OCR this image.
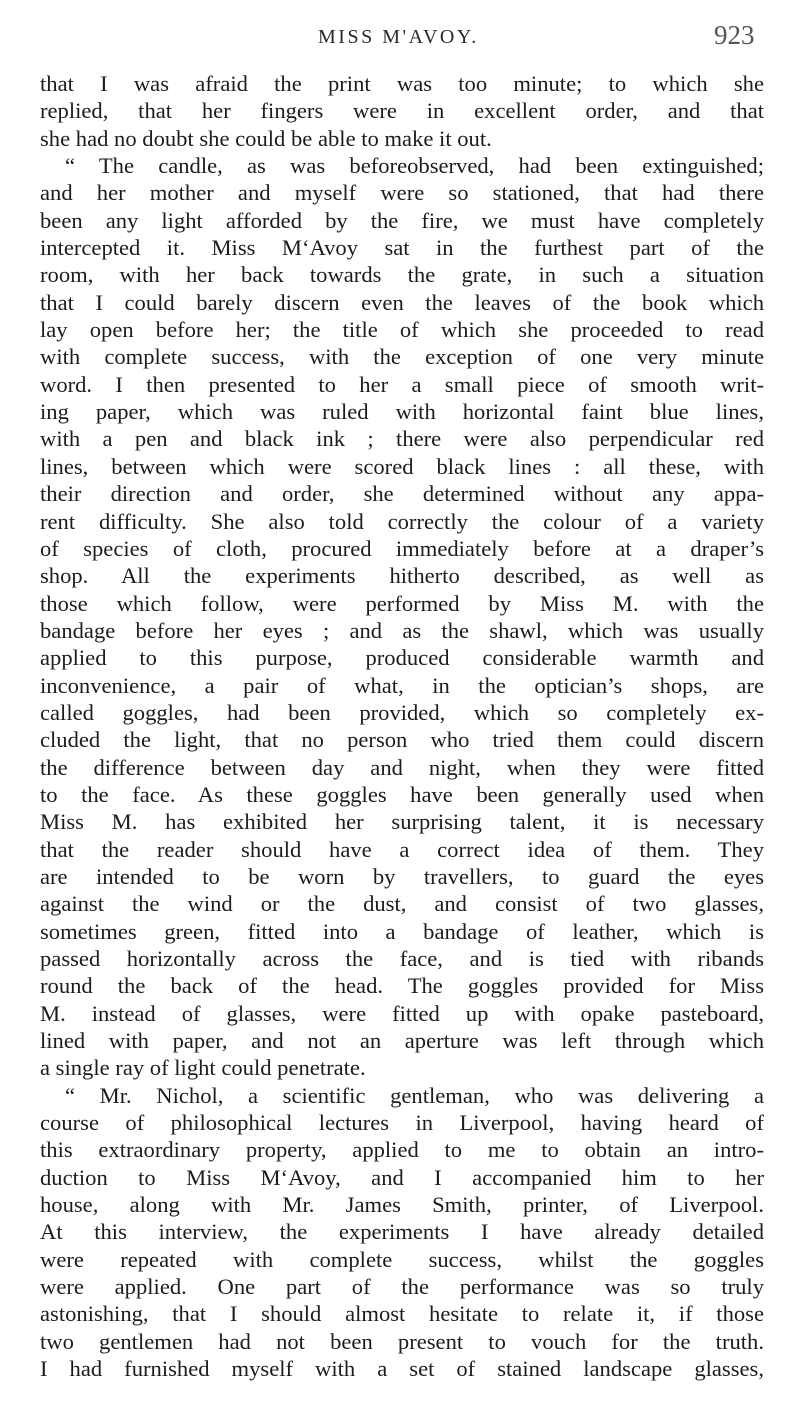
MISS M'AVOY.	923
that I was afraid the print was too minute; to which she
replied, that her fingers were in excellent order, and that
she had no doubt she could be able to make it out.
“ The candle, as was beforeobserved, had been extinguished;
and her mother and myself were so stationed, that had there
been any light afforded by the fire, we must have completely
intercepted it. Miss M‘Avoy sat in the furthest part of the
room, with her back towards the grate, in such a situation
that I could barely discern even the leaves of the book which
lay open before her; the title of which she proceeded to read
with complete success, with the exception of one very minute
word. I then presented to her a small piece of smooth writ-
ing paper, which was ruled with horizontal faint blue lines,
with a pen and black ink ; there were also perpendicular red
lines, between which were scored black lines : all these, with
their direction and order, she determined without any appa-
rent difficulty. She also told correctly the colour of a variety
of species of cloth, procured immediately before at a draper’s
shop. All the experiments hitherto described, as well as
those which follow, were performed by Miss M. with the
bandage before her eyes ; and as the shawl, which was usually
applied to this purpose, produced considerable warmth and
inconvenience, a pair of what, in the optician’s shops, are
called goggles, had been provided, which so completely ex-
cluded the light, that no person who tried them could discern
the difference between day and night, when they were fitted
to the face. As these goggles have been generally used when
Miss M. has exhibited her surprising talent, it is necessary
that the reader should have a correct idea of them. They
are intended to be worn by travellers, to guard the eyes
against the wind or the dust, and consist of two glasses,
sometimes green, fitted into a bandage of leather, which is
passed horizontally across the face, and is tied with ribands
round the back of the head. The goggles provided for Miss
M. instead of glasses, were fitted up with opake pasteboard,
lined with paper, and not an aperture was left through which
a single ray of light could penetrate.
“ Mr. Nichol, a scientific gentleman, who was delivering a
course of philosophical lectures in Liverpool, having heard of
this extraordinary property, applied to me to obtain an intro-
duction to Miss M‘Avoy, and I accompanied him to her
house, along with Mr. James Smith, printer, of Liverpool.
At this interview, the experiments I have already detailed
were repeated with complete success, whilst the goggles
were applied. One part of the performance was so truly
astonishing, that I should almost hesitate to relate it, if those
two gentlemen had not been present to vouch for the truth.
I had furnished myself with a set of stained landscape glasses,
